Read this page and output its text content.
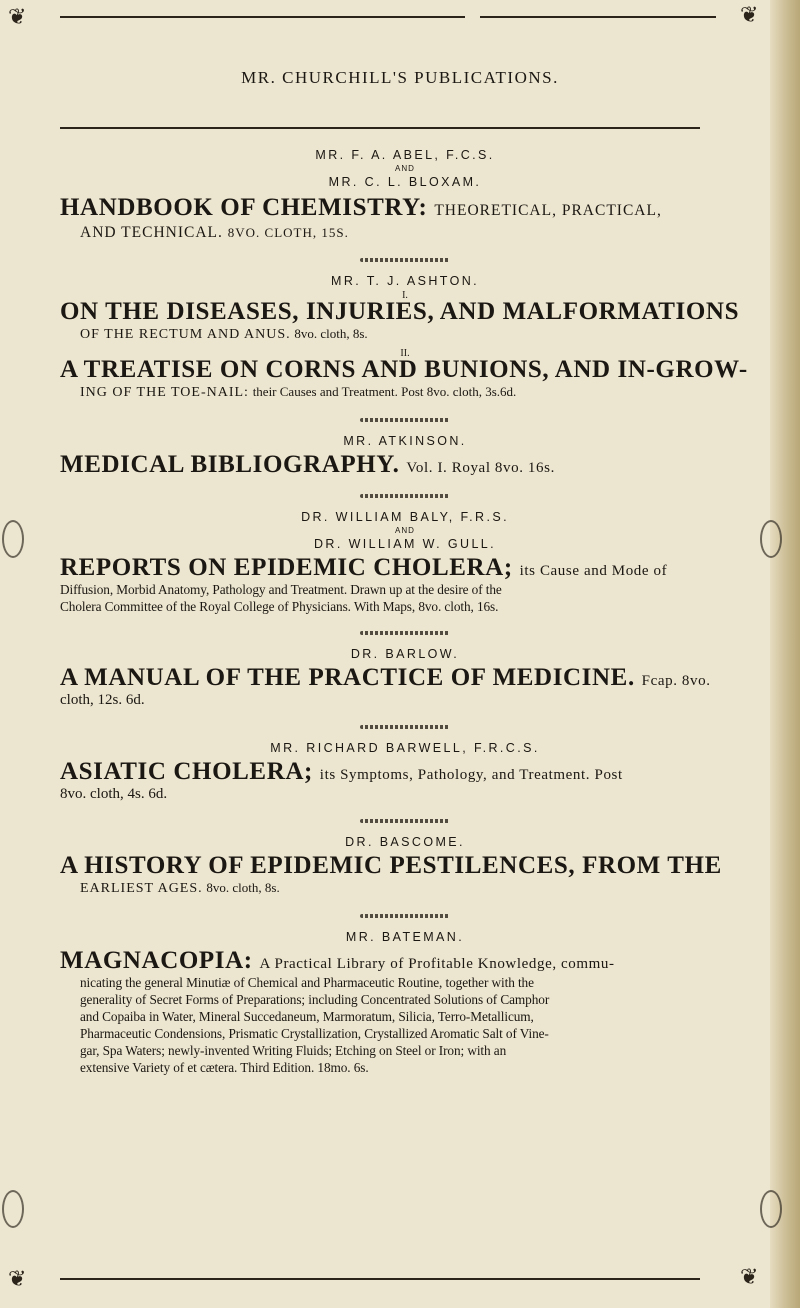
❦	❦
MR. CHURCHILL'S PUBLICATIONS.

MR. F. A. ABEL, F.C.S.

AND

MR. C. L. BLOXAM.

HANDBOOK OF CHEMISTRY: THEORETICAL, PRACTICAL,

AND TECHNICAL. 8VO. CLOTH, 15S.

MR. T. J. ASHTON.

I.

ON THE DISEASES, INJURIES, AND MALFORMATIONS

OF THE RECTUM AND ANUS. 8vo. cloth, 8s.

II.

A TREATISE ON CORNS AND BUNIONS, AND IN-GROW-

ING OF THE TOE-NAIL: their Causes and Treatment. Post 8vo. cloth, 3s.6d.

MR. ATKINSON.

MEDICAL BIBLIOGRAPHY. Vol. I. Royal 8vo. 16s.

DR. WILLIAM BALY, F.R.S.

AND

DR. WILLIAM W. GULL.

REPORTS ON EPIDEMIC CHOLERA; its Cause and Mode of

Diffusion, Morbid Anatomy, Pathology and Treatment. Drawn up at the desire of the

Cholera Committee of the Royal College of Physicians. With Maps, 8vo. cloth, 16s.

DR. BARLOW.

A MANUAL OF THE PRACTICE OF MEDICINE. Fcap. 8vo.

cloth, 12s. 6d.

MR. RICHARD BARWELL, F.R.C.S.

ASIATIC CHOLERA; its Symptoms, Pathology, and Treatment. Post

8vo. cloth, 4s. 6d.

DR. BASCOME.

A HISTORY OF EPIDEMIC PESTILENCES, FROM THE

EARLIEST AGES. 8vo. cloth, 8s.

MR. BATEMAN.

MAGNACOPIA: A Practical Library of Profitable Knowledge, commu-

nicating the general Minutiæ of Chemical and Pharmaceutic Routine, together with the

generality of Secret Forms of Preparations; including Concentrated Solutions of Camphor

and Copaiba in Water, Mineral Succedaneum, Marmoratum, Silicia, Terro-Metallicum,

Pharmaceutic Condensions, Prismatic Crystallization, Crystallized Aromatic Salt of Vine-

gar, Spa Waters; newly-invented Writing Fluids; Etching on Steel or Iron; with an

extensive Variety of et cætera. Third Edition. 18mo. 6s.

❦	❦
